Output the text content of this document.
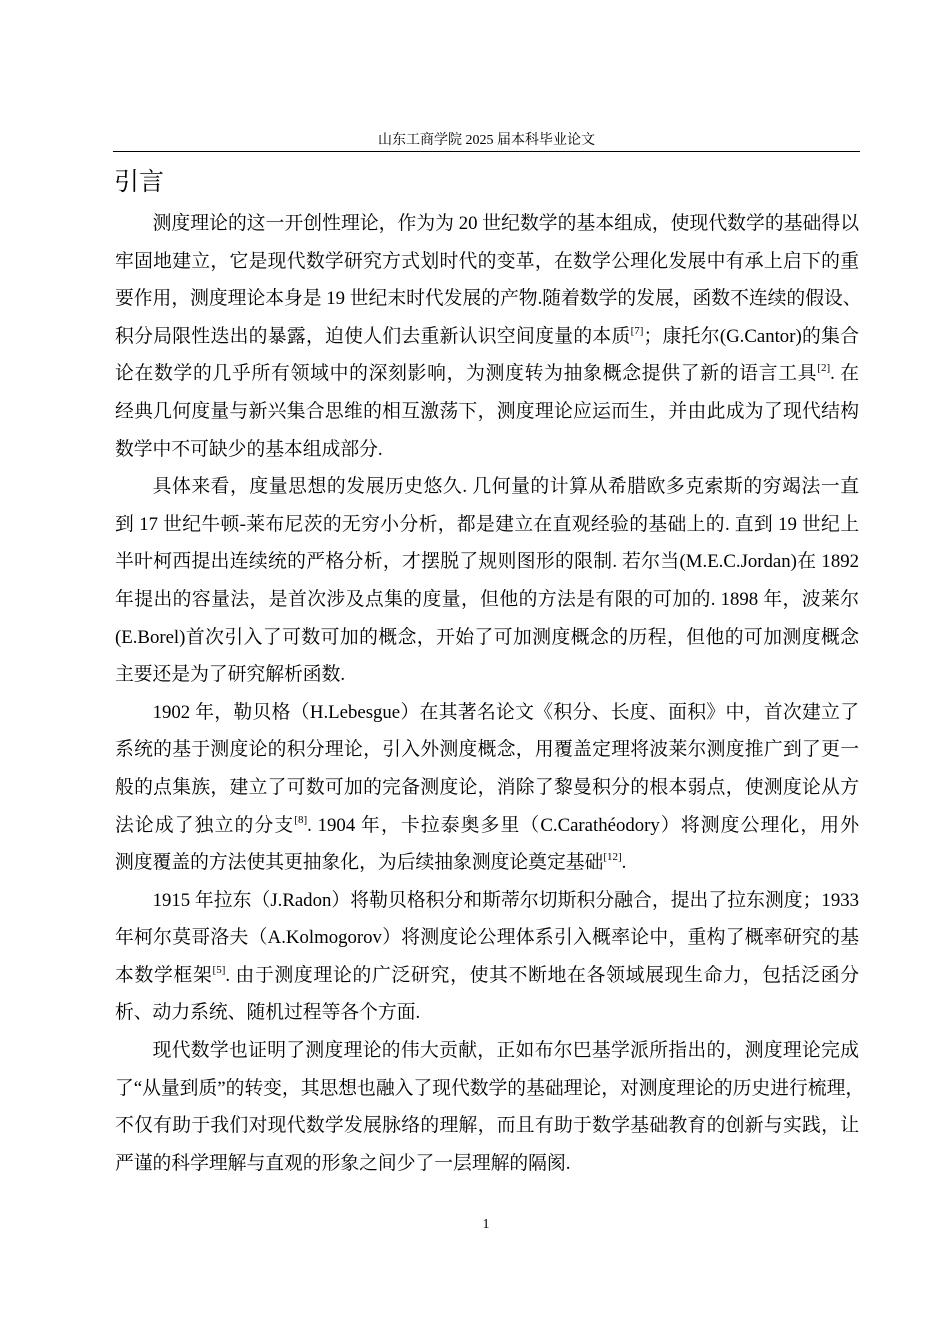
山东工商学院 2025 届本科毕业论文
引言
测度理论的这一开创性理论，作为为 20 世纪数学的基本组成，使现代数学的基础得以
牢固地建立，它是现代数学研究方式划时代的变革，在数学公理化发展中有承上启下的重
要作用，测度理论本身是 19 世纪末时代发展的产物.随着数学的发展，函数不连续的假设、
积分局限性迭出的暴露，迫使人们去重新认识空间度量的本质[7]；康托尔(G.Cantor)的集合
论在数学的几乎所有领域中的深刻影响，为测度转为抽象概念提供了新的语言工具[2]. 在
经典几何度量与新兴集合思维的相互激荡下，测度理论应运而生，并由此成为了现代结构
数学中不可缺少的基本组成部分.
具体来看，度量思想的发展历史悠久. 几何量的计算从希腊欧多克索斯的穷竭法一直
到 17 世纪牛顿-莱布尼茨的无穷小分析，都是建立在直观经验的基础上的. 直到 19 世纪上
半叶柯西提出连续统的严格分析，才摆脱了规则图形的限制. 若尔当(M.E.C.Jordan)在 1892
年提出的容量法，是首次涉及点集的度量，但他的方法是有限的可加的. 1898 年，波莱尔
(E.Borel)首次引入了可数可加的概念，开始了可加测度概念的历程，但他的可加测度概念
主要还是为了研究解析函数.
1902 年，勒贝格（H.Lebesgue）在其著名论文《积分、长度、面积》中，首次建立了
系统的基于测度论的积分理论，引入外测度概念，用覆盖定理将波莱尔测度推广到了更一
般的点集族，建立了可数可加的完备测度论，消除了黎曼积分的根本弱点，使测度论从方
法论成了独立的分支[8]. 1904 年，卡拉泰奥多里（C.Carathéodory）将测度公理化，用外
测度覆盖的方法使其更抽象化，为后续抽象测度论奠定基础[12].
1915 年拉东（J.Radon）将勒贝格积分和斯蒂尔切斯积分融合，提出了拉东测度；1933
年柯尔莫哥洛夫（A.Kolmogorov）将测度论公理体系引入概率论中，重构了概率研究的基
本数学框架[5]. 由于测度理论的广泛研究，使其不断地在各领域展现生命力，包括泛函分
析、动力系统、随机过程等各个方面.
现代数学也证明了测度理论的伟大贡献，正如布尔巴基学派所指出的，测度理论完成
了“从量到质”的转变，其思想也融入了现代数学的基础理论，对测度理论的历史进行梳理，
不仅有助于我们对现代数学发展脉络的理解，而且有助于数学基础教育的创新与实践，让
严谨的科学理解与直观的形象之间少了一层理解的隔阂.
1
